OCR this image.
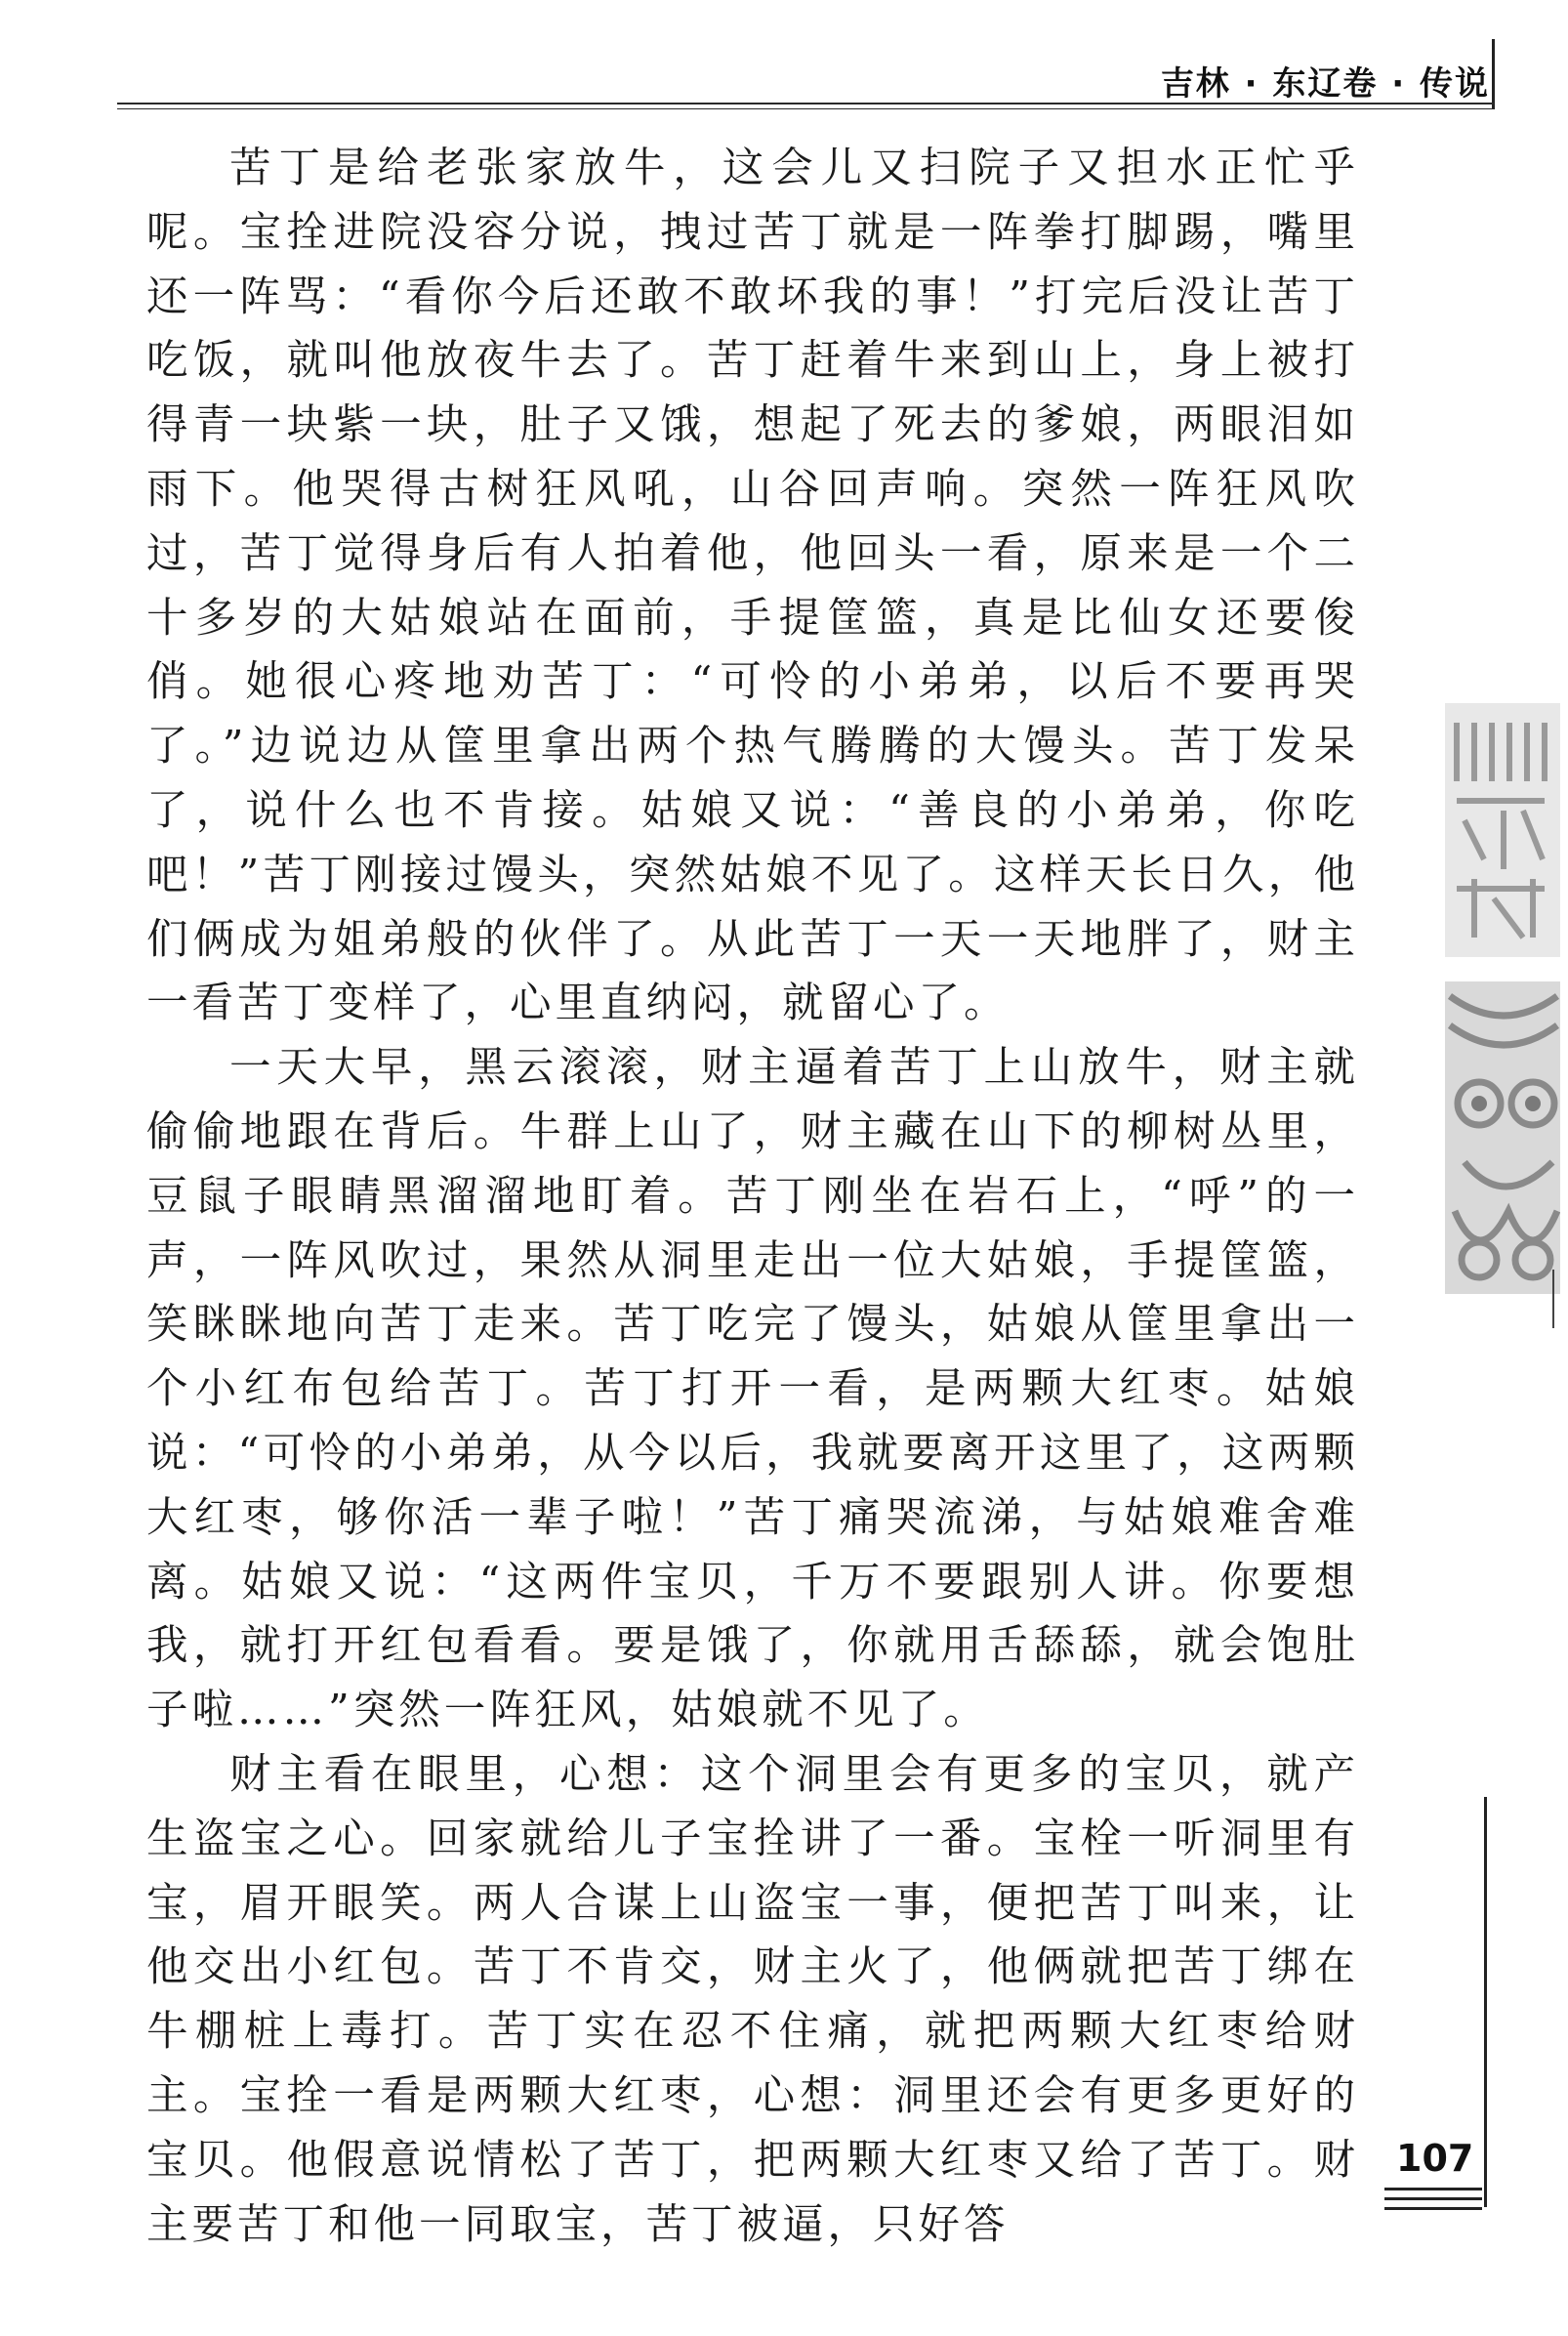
吉林 · 东辽卷 · 传说

苦丁是给老张家放牛，这会儿又扫院子又担水正忙乎呢。宝拴进院没容分说，拽过苦丁就是一阵拳打脚踢，嘴里还一阵骂：“看你今后还敢不敢坏我的事！”打完后没让苦丁吃饭，就叫他放夜牛去了。苦丁赶着牛来到山上，身上被打得青一块紫一块，肚子又饿，想起了死去的爹娘，两眼泪如雨下。他哭得古树狂风吼，山谷回声响。突然一阵狂风吹过，苦丁觉得身后有人拍着他，他回头一看，原来是一个二十多岁的大姑娘站在面前，手提筐篮，真是比仙女还要俊俏。她很心疼地劝苦丁：“可怜的小弟弟，以后不要再哭了。”边说边从筐里拿出两个热气腾腾的大馒头。苦丁发呆了，说什么也不肯接。姑娘又说：“善良的小弟弟，你吃吧！”苦丁刚接过馒头，突然姑娘不见了。这样天长日久，他们俩成为姐弟般的伙伴了。从此苦丁一天一天地胖了，财主一看苦丁变样了，心里直纳闷，就留心了。

一天大早，黑云滚滚，财主逼着苦丁上山放牛，财主就偷偷地跟在背后。牛群上山了，财主藏在山下的柳树丛里，豆鼠子眼睛黑溜溜地盯着。苦丁刚坐在岩石上，“呼”的一声，一阵风吹过，果然从洞里走出一位大姑娘，手提筐篮，笑眯眯地向苦丁走来。苦丁吃完了馒头，姑娘从筐里拿出一个小红布包给苦丁。苦丁打开一看，是两颗大红枣。姑娘说：“可怜的小弟弟，从今以后，我就要离开这里了，这两颗大红枣，够你活一辈子啦！”苦丁痛哭流涕，与姑娘难舍难离。姑娘又说：“这两件宝贝，千万不要跟别人讲。你要想我，就打开红包看看。要是饿了，你就用舌舔舔，就会饱肚子啦……”突然一阵狂风，姑娘就不见了。

财主看在眼里，心想：这个洞里会有更多的宝贝，就产生盗宝之心。回家就给儿子宝拴讲了一番。宝栓一听洞里有宝，眉开眼笑。两人合谋上山盗宝一事，便把苦丁叫来，让他交出小红包。苦丁不肯交，财主火了，他俩就把苦丁绑在牛棚桩上毒打。苦丁实在忍不住痛，就把两颗大红枣给财主。宝拴一看是两颗大红枣，心想：洞里还会有更多更好的宝贝。他假意说情松了苦丁，把两颗大红枣又给了苦丁。财主要苦丁和他一同取宝，苦丁被逼，只好答

107
